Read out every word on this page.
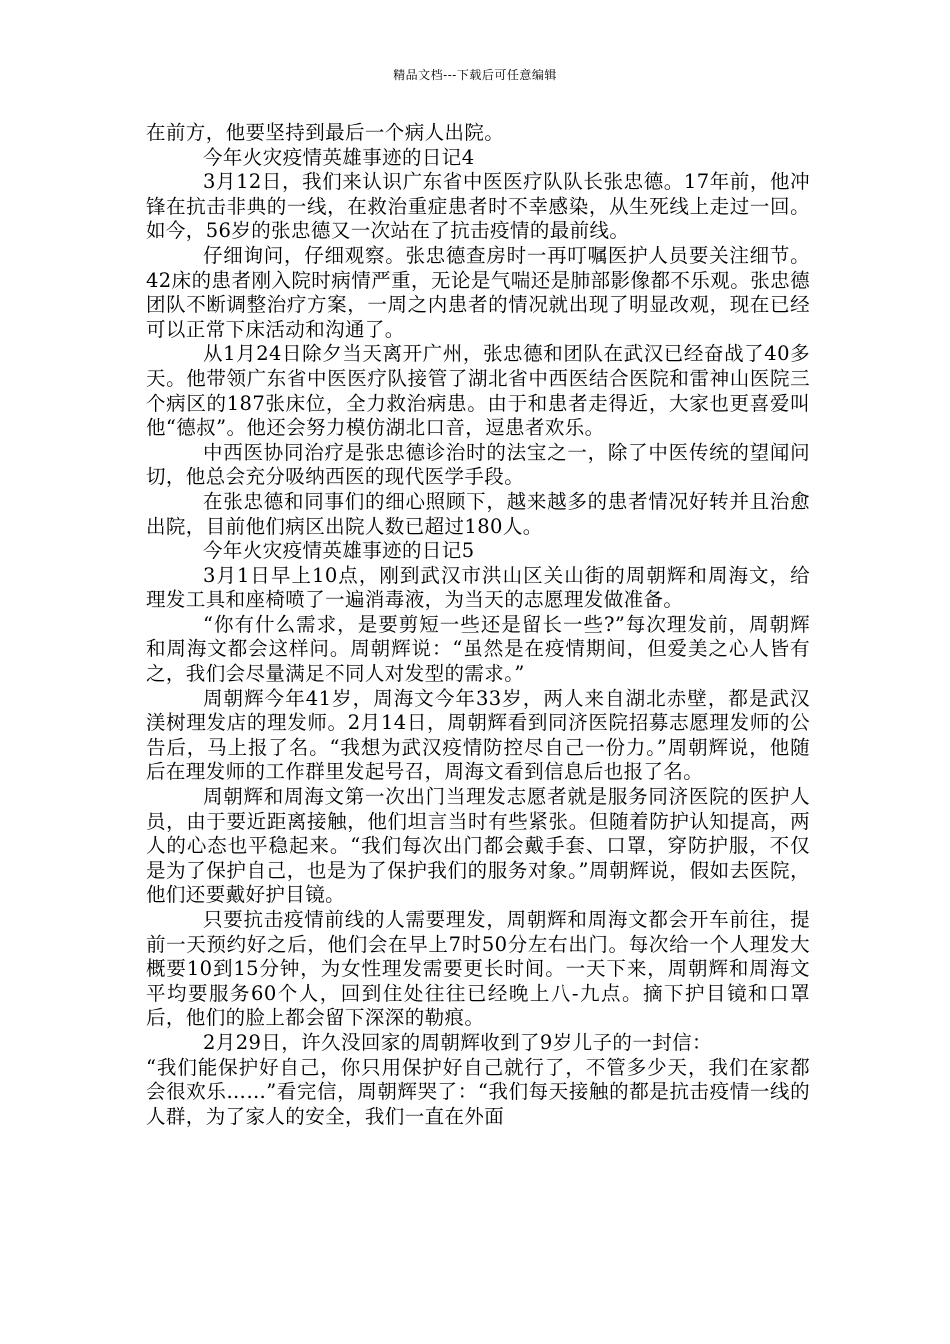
精品文档---下载后可任意编辑

在前方，他要坚持到最后一个病人出院。

今年火灾疫情英雄事迹的日记4

3月12日，我们来认识广东省中医医疗队队长张忠德。17年前，他冲锋在抗击非典的一线，在救治重症患者时不幸感染，从生死线上走过一回。如今，56岁的张忠德又一次站在了抗击疫情的最前线。

仔细询问，仔细观察。张忠德查房时一再叮嘱医护人员要关注细节。42床的患者刚入院时病情严重，无论是气喘还是肺部影像都不乐观。张忠德团队不断调整治疗方案，一周之内患者的情况就出现了明显改观，现在已经可以正常下床活动和沟通了。

从1月24日除夕当天离开广州，张忠德和团队在武汉已经奋战了40多天。他带领广东省中医医疗队接管了湖北省中西医结合医院和雷神山医院三个病区的187张床位，全力救治病患。由于和患者走得近，大家也更喜爱叫他“德叔”。他还会努力模仿湖北口音，逗患者欢乐。

中西医协同治疗是张忠德诊治时的法宝之一，除了中医传统的望闻问切，他总会充分吸纳西医的现代医学手段。

在张忠德和同事们的细心照顾下，越来越多的患者情况好转并且治愈出院，目前他们病区出院人数已超过180人。

今年火灾疫情英雄事迹的日记5

3月1日早上10点，刚到武汉市洪山区关山街的周朝辉和周海文，给理发工具和座椅喷了一遍消毒液，为当天的志愿理发做准备。

“你有什么需求，是要剪短一些还是留长一些?”每次理发前，周朝辉和周海文都会这样问。周朝辉说：“虽然是在疫情期间，但爱美之心人皆有之，我们会尽量满足不同人对发型的需求。”

周朝辉今年41岁，周海文今年33岁，两人来自湖北赤壁，都是武汉渼树理发店的理发师。2月14日，周朝辉看到同济医院招募志愿理发师的公告后，马上报了名。“我想为武汉疫情防控尽自己一份力。”周朝辉说，他随后在理发师的工作群里发起号召，周海文看到信息后也报了名。

周朝辉和周海文第一次出门当理发志愿者就是服务同济医院的医护人员，由于要近距离接触，他们坦言当时有些紧张。但随着防护认知提高，两人的心态也平稳起来。“我们每次出门都会戴手套、口罩，穿防护服，不仅是为了保护自己，也是为了保护我们的服务对象。”周朝辉说，假如去医院，他们还要戴好护目镜。

只要抗击疫情前线的人需要理发，周朝辉和周海文都会开车前往，提前一天预约好之后，他们会在早上7时50分左右出门。每次给一个人理发大概要10到15分钟，为女性理发需要更长时间。一天下来，周朝辉和周海文平均要服务60个人，回到住处往往已经晚上八-九点。摘下护目镜和口罩后，他们的脸上都会留下深深的勒痕。

2月29日，许久没回家的周朝辉收到了9岁儿子的一封信：

“我们能保护好自己，你只用保护好自己就行了，不管多少天，我们在家都会很欢乐……”看完信，周朝辉哭了：“我们每天接触的都是抗击疫情一线的人群，为了家人的安全，我们一直在外面
